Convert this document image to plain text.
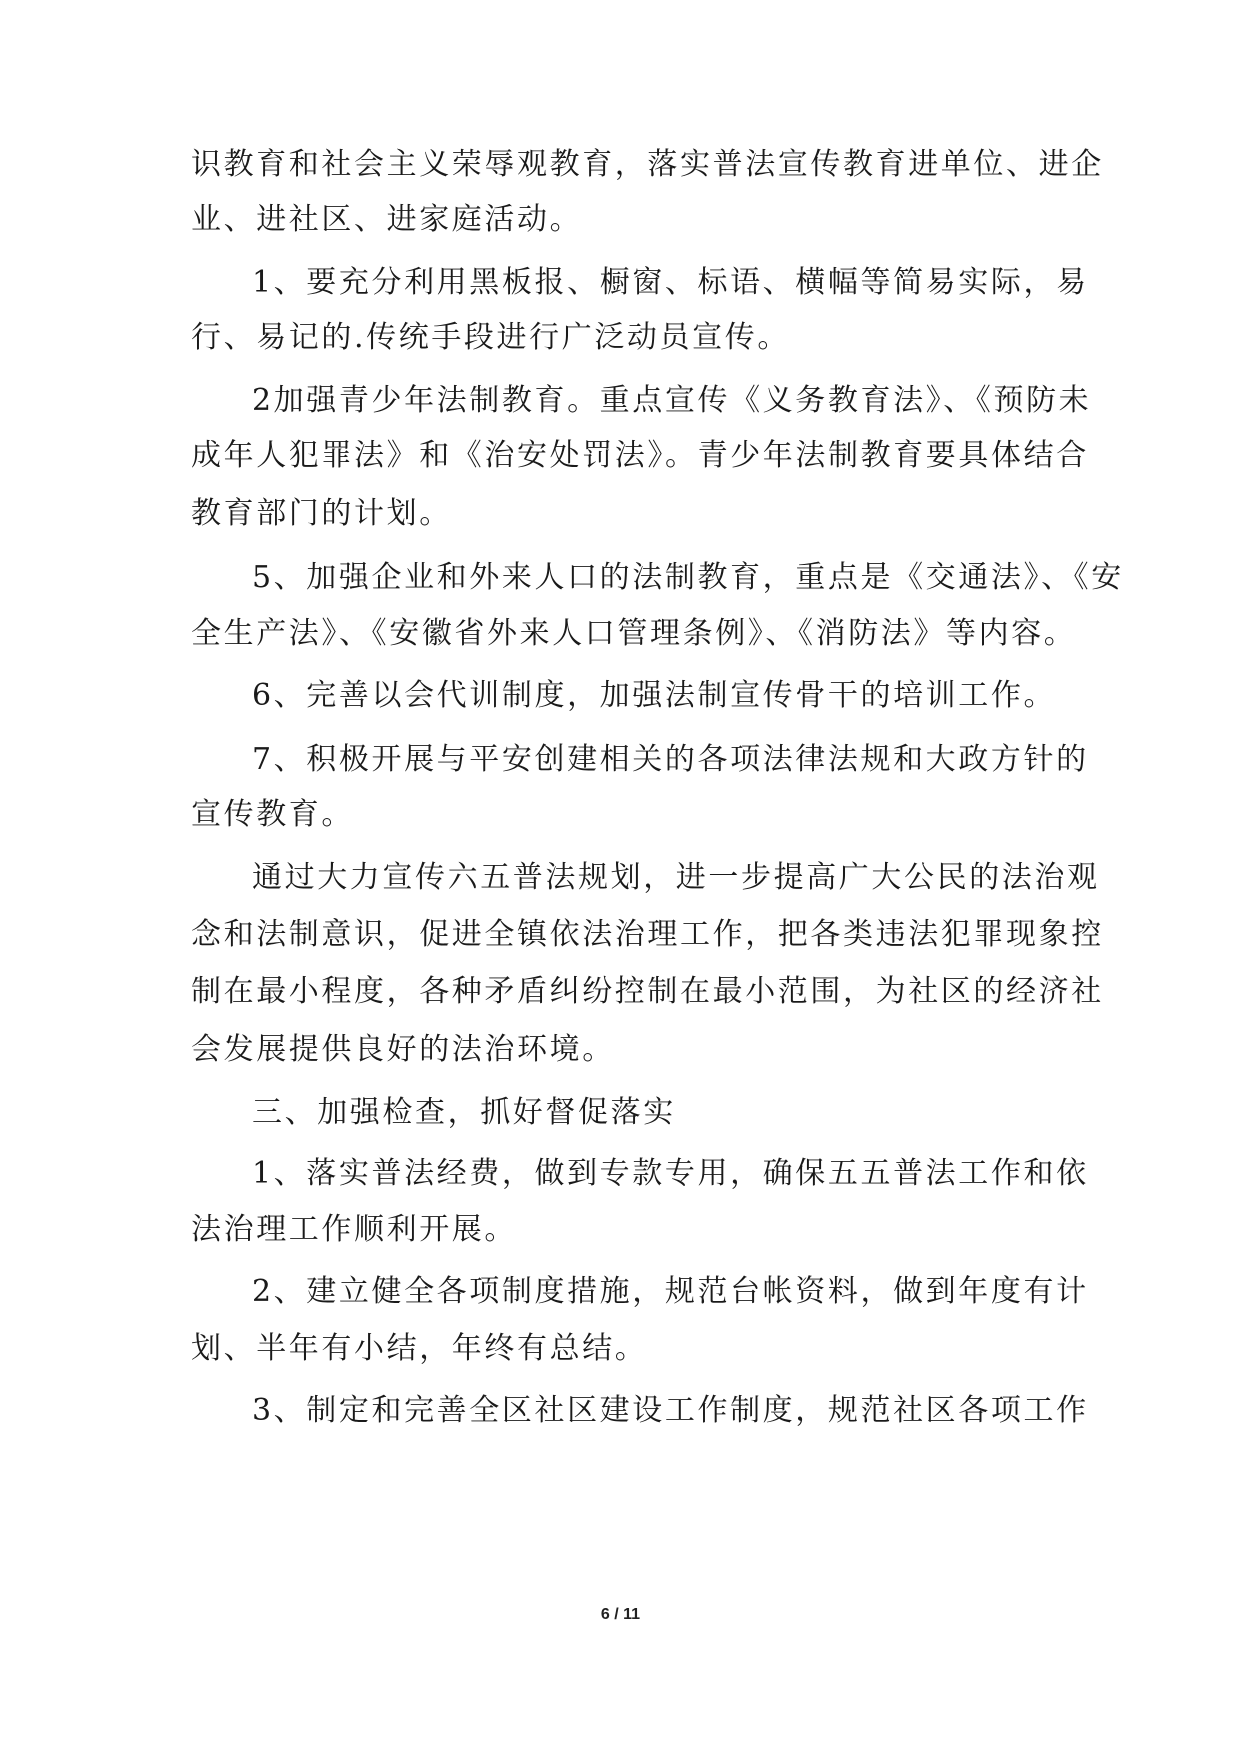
识教育和社会主义荣辱观教育，落实普法宣传教育进单位、进企
业、进社区、进家庭活动。
1、要充分利用黑板报、橱窗、标语、横幅等简易实际，易
行、易记的.传统手段进行广泛动员宣传。
2加强青少年法制教育。重点宣传《义务教育法》、《预防未
成年人犯罪法》和《治安处罚法》。青少年法制教育要具体结合
教育部门的计划。
5、加强企业和外来人口的法制教育，重点是《交通法》、《安
全生产法》、《安徽省外来人口管理条例》、《消防法》等内容。
6、完善以会代训制度，加强法制宣传骨干的培训工作。
7、积极开展与平安创建相关的各项法律法规和大政方针的
宣传教育。
通过大力宣传六五普法规划，进一步提高广大公民的法治观
念和法制意识，促进全镇依法治理工作，把各类违法犯罪现象控
制在最小程度，各种矛盾纠纷控制在最小范围，为社区的经济社
会发展提供良好的法治环境。
三、加强检查，抓好督促落实
1、落实普法经费，做到专款专用，确保五五普法工作和依
法治理工作顺利开展。
2、建立健全各项制度措施，规范台帐资料，做到年度有计
划、半年有小结，年终有总结。
3、制定和完善全区社区建设工作制度，规范社区各项工作
6 / 11
